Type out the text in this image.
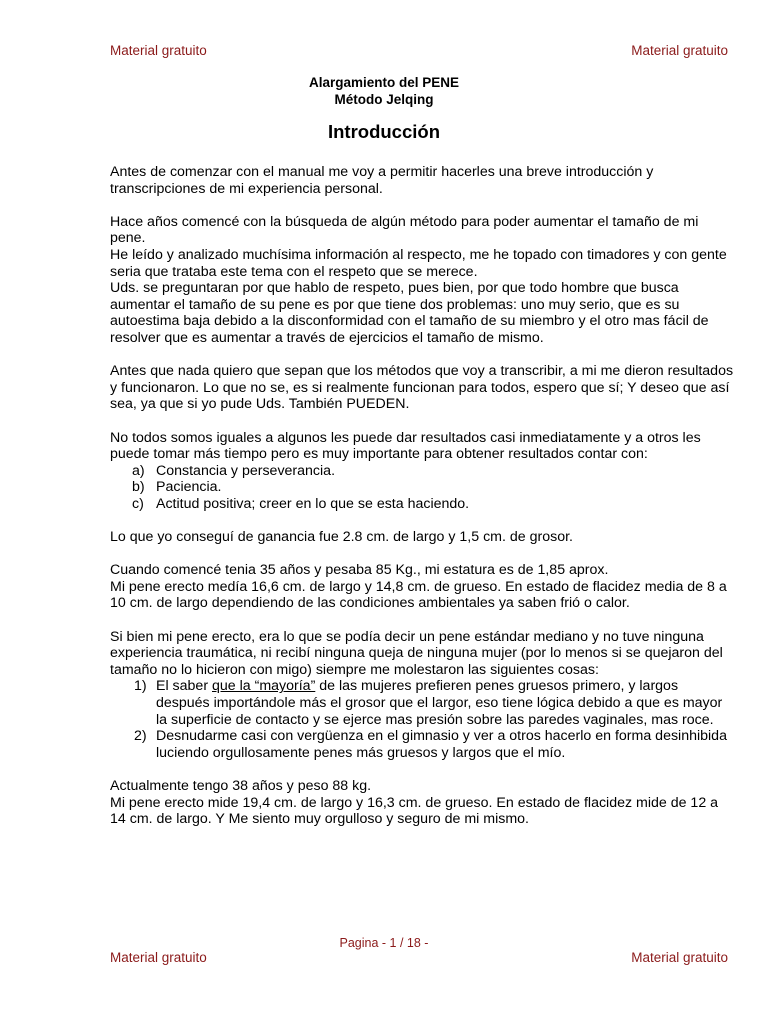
Material gratuito	Material gratuito
Alargamiento del PENE
Método Jelqing
Introducción

Antes de comenzar con el manual me voy a permitir hacerles una breve introducción y transcripciones de mi experiencia personal.

Hace años comencé con la búsqueda de algún método para poder aumentar el tamaño de mi pene.

He leído y analizado muchísima información al respecto, me he topado con timadores y con gente seria que trataba este tema con el respeto que se merece.

Uds. se preguntaran por que hablo de respeto, pues bien, por que todo hombre que busca aumentar el tamaño de su pene es por que tiene dos problemas: uno muy serio, que es su autoestima baja debido a la disconformidad con el tamaño de su miembro y el otro mas fácil de resolver que es aumentar a través de ejercicios el tamaño de mismo.

Antes que nada quiero que sepan que los métodos que voy a transcribir, a mi me dieron resultados y funcionaron. Lo que no se, es si realmente funcionan para todos, espero que sí; Y deseo que así sea, ya que si yo pude Uds. También PUEDEN.

No todos somos iguales a algunos les puede dar resultados casi inmediatamente y a otros les puede tomar más tiempo pero es muy importante para obtener resultados contar con:

a) Constancia y perseverancia.
b) Paciencia.
c) Actitud positiva; creer en lo que se esta haciendo.

Lo que yo conseguí de ganancia fue 2.8 cm. de largo y 1,5 cm. de grosor.

Cuando comencé tenia 35 años y pesaba 85 Kg., mi estatura es de 1,85 aprox.

Mi pene erecto medía 16,6 cm. de largo y 14,8 cm. de grueso. En estado de flacidez media de 8 a 10 cm. de largo dependiendo de las condiciones ambientales ya saben frió o calor.

Si bien mi pene erecto, era lo que se podía decir un pene estándar mediano y no tuve ninguna experiencia traumática, ni recibí ninguna queja de ninguna mujer (por lo menos si se quejaron del tamaño no lo hicieron con migo) siempre me molestaron las siguientes cosas:

1) El saber que la “mayoría” de las mujeres prefieren penes gruesos primero, y largos después importándole más el grosor que el largor, eso tiene lógica debido a que es mayor la superficie de contacto y se ejerce mas presión sobre las paredes vaginales, mas roce.
2) Desnudarme casi con vergüenza en el gimnasio y ver a otros hacerlo en forma desinhibida luciendo orgullosamente penes más gruesos y largos que el mío.

Actualmente tengo 38 años y peso 88 kg.

Mi pene erecto mide 19,4 cm. de largo y 16,3 cm. de grueso. En estado de flacidez mide de 12 a 14 cm. de largo. Y Me siento muy orgulloso y seguro de mi mismo.

Pagina - 1 / 18 -
Material gratuito	Material gratuito
